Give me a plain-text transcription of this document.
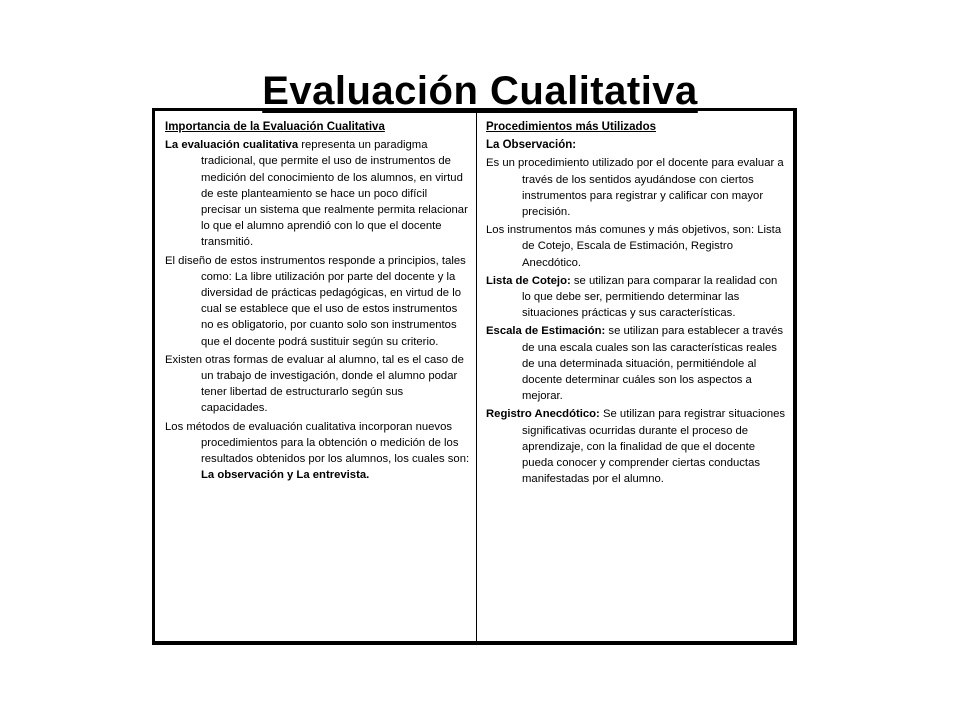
Evaluación Cualitativa

Importancia de la Evaluación Cualitativa

La evaluación cualitativa representa un paradigma tradicional, que permite el uso de instrumentos de medición del conocimiento de los alumnos, en virtud de este planteamiento se hace un poco difícil precisar un sistema que realmente permita relacionar lo que el alumno aprendió con lo que el docente transmitió.

El diseño de estos instrumentos responde a principios, tales como: La libre utilización por parte del docente y la diversidad de prácticas pedagógicas, en virtud de lo cual se establece que el uso de estos instrumentos no es obligatorio, por cuanto solo son instrumentos que el docente podrá sustituir según su criterio.

Existen otras formas de evaluar al alumno, tal es el caso de un trabajo de investigación, donde el alumno podar tener libertad de estructurarlo según sus capacidades.

Los métodos de evaluación cualitativa incorporan nuevos procedimientos para la obtención o medición de los resultados obtenidos por los alumnos, los cuales son: La observación y La entrevista.

Procedimientos más Utilizados

La Observación:

Es un procedimiento utilizado por el docente para evaluar a través de los sentidos ayudándose con ciertos instrumentos para registrar y calificar con mayor precisión.

Los instrumentos más comunes y más objetivos, son: Lista de Cotejo, Escala de Estimación, Registro Anecdótico.

Lista de Cotejo: se utilizan para comparar la realidad con lo que debe ser, permitiendo determinar las situaciones prácticas y sus características.

Escala de Estimación: se utilizan para establecer a través de una escala cuales son las características reales de una determinada situación, permitiéndole al docente determinar cuáles son los aspectos a mejorar.

Registro Anecdótico: Se utilizan para registrar situaciones significativas ocurridas durante el proceso de aprendizaje, con la finalidad de que el docente pueda conocer y comprender ciertas conductas manifestadas por el alumno.
